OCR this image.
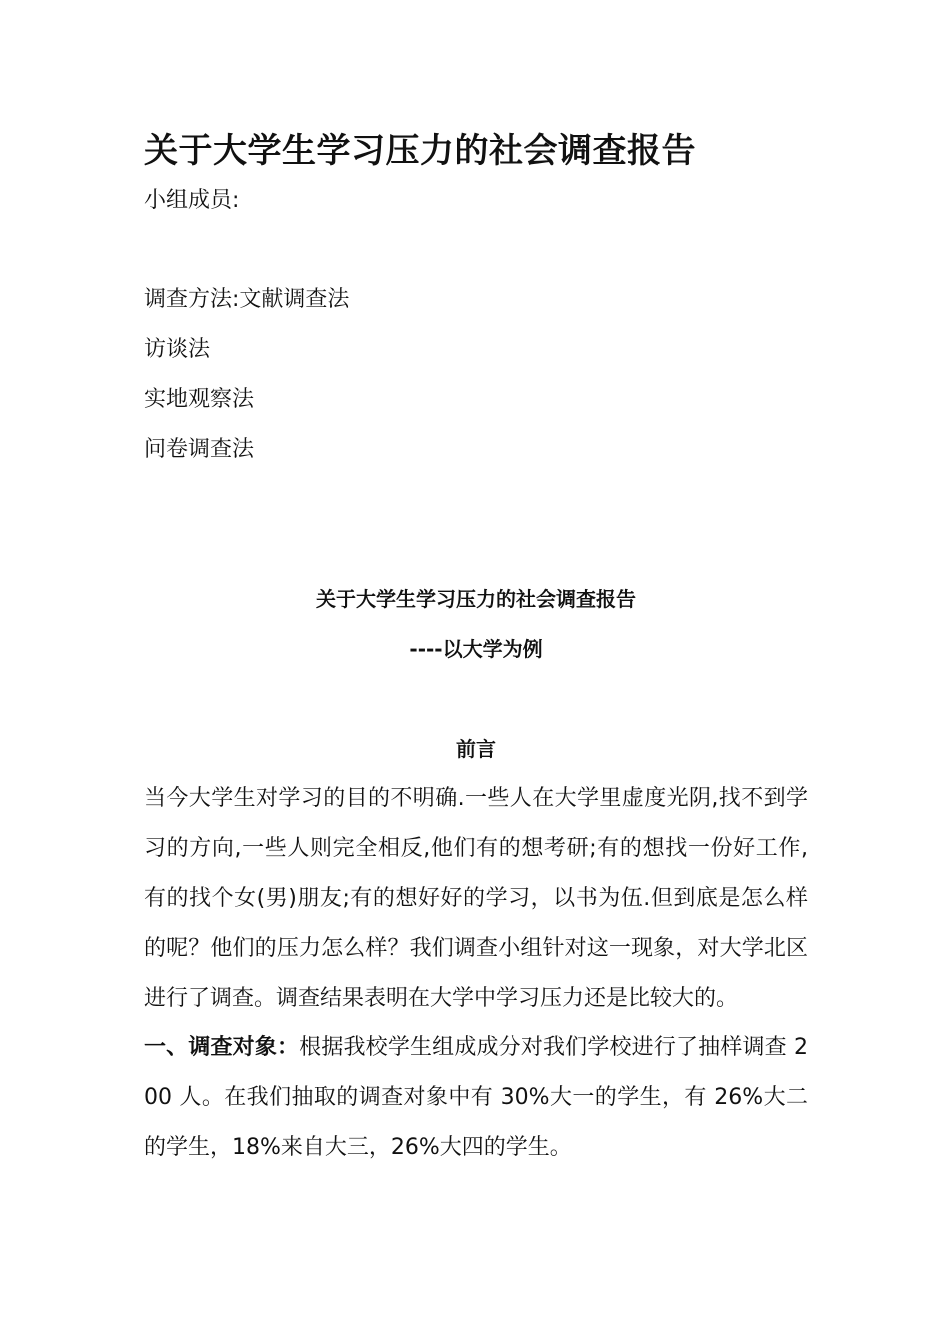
关于大学生学习压力的社会调查报告

小组成员:

调查方法:文献调查法

访谈法

实地观察法

问卷调查法

关于大学生学习压力的社会调查报告

----以大学为例

前言

当今大学生对学习的目的不明确.一些人在大学里虚度光阴,找不到学习的方向,一些人则完全相反,他们有的想考研;有的想找一份好工作,有的找个女(男)朋友;有的想好好的学习，以书为伍.但到底是怎么样的呢？他们的压力怎么样？我们调查小组针对这一现象，对大学北区进行了调查。调查结果表明在大学中学习压力还是比较大的。

一、调查对象：根据我校学生组成成分对我们学校进行了抽样调查 200 人。在我们抽取的调查对象中有 30%大一的学生，有 26%大二的学生，18%来自大三，26%大四的学生。
